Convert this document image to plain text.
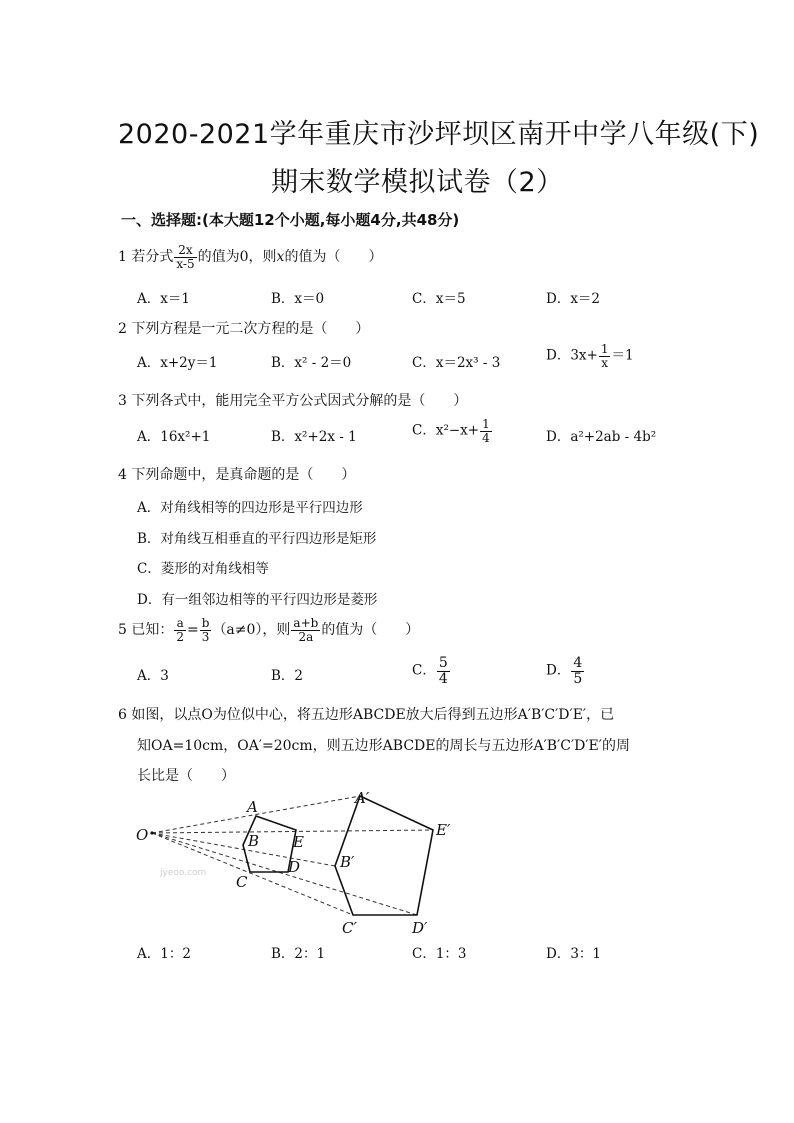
2020-2021学年重庆市沙坪坝区南开中学八年级(下)
期末数学模拟试卷（2）
一、选择题:(本大题12个小题,每小题4分,共48分)
1 若分式 $\frac{2x}{x-5}$ 的值为0，则x的值为（　　）
A．x＝1	B．x＝0	C．x＝5	D．x＝2
2 下列方程是一元二次方程的是（　　）
A．x+2y＝1	B．x² - 2＝0	C．x＝2x³ - 3	D．$3x+ \frac{1}{x} =1$
3 下列各式中，能用完全平方公式因式分解的是（　　）
A．16x²+1	B．x²+2x - 1	C．$x^2-x+ \frac{1}{4}$	D．a²+2ab - 4b²
4 下列命题中，是真命题的是（　　）
A．对角线相等的四边形是平行四边形
B．对角线互相垂直的平行四边形是矩形
C．菱形的对角线相等
D．有一组邻边相等的平行四边形是菱形
5 已知： $\frac{a}{2} = \frac{b}{3} (a\ne 0)$，则 $\frac{a+b}{2a}$ 的值为（　　）
A．3	B．2	C． $\frac{5}{4}$	D． $\frac{4}{5}$
6 如图，以点O为位似中心，将五边形ABCDE放大后得到五边形A′B′C′D′E′，已
知OA=10cm，OA′=20cm，则五边形ABCDE的周长与五边形A′B′C′D′E′的周
长比是（　　）
O
A
B
C
D
E
A′
E′
B′
C′	D′
jyeoo.com
A．1：2	B．2：1	C．1：3	D．3：1
